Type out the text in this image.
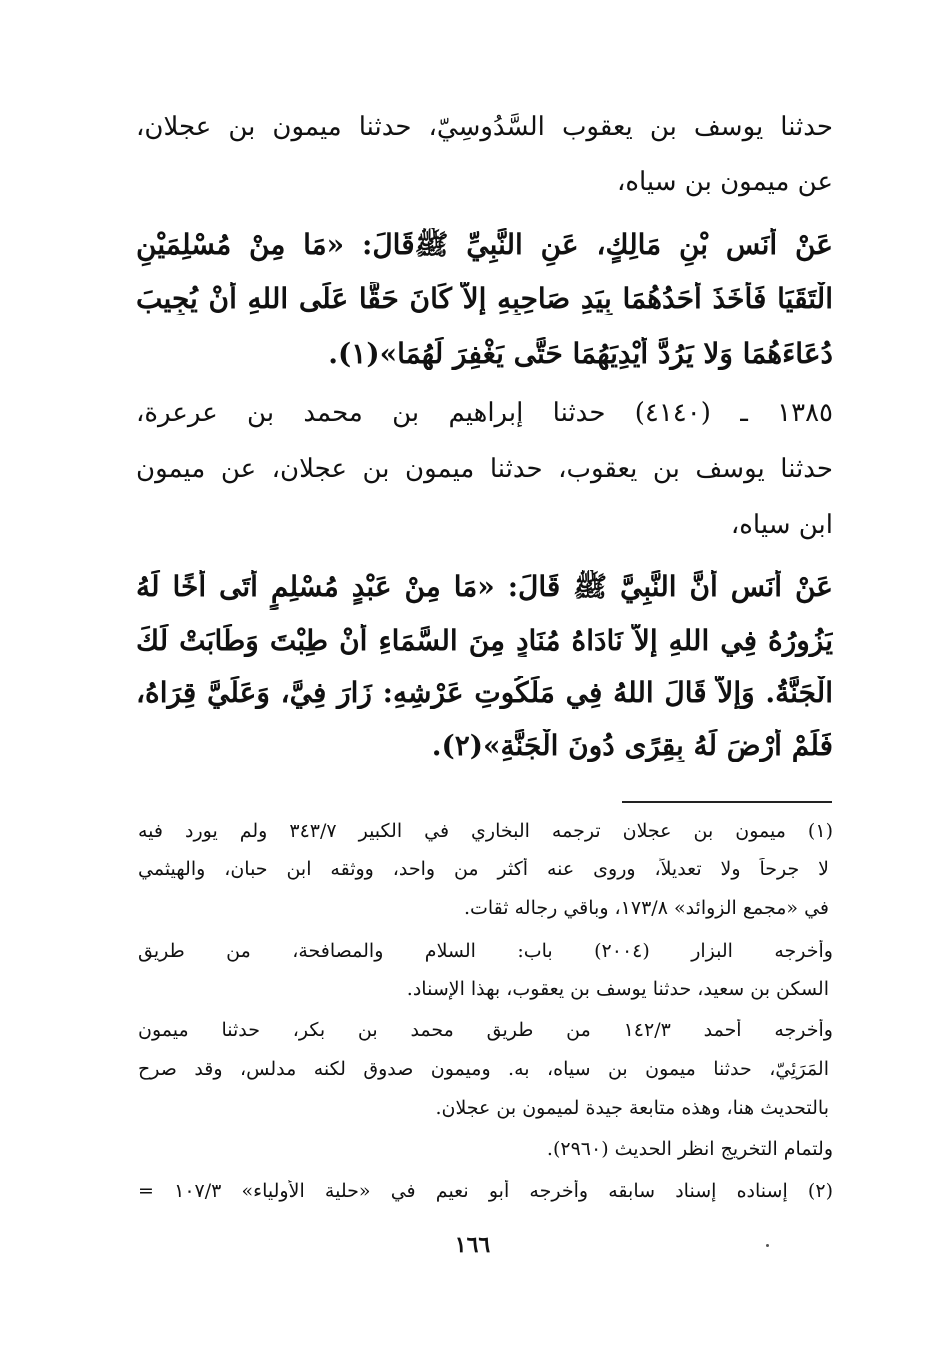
حدثنا يوسف بن يعقوب السَّدُوسِيّ، حدثنا ميمون بن عجلان،
عن ميمون بن سياه،
عَنْ أَنَس بْنِ مَالِكٍ، عَنِ النَّبِيِّ ﷺقَالَ: «مَا مِنْ مُسْلِمَيْنِ
الْتَقَيَا فَأَخَذَ أَحَدُهُمَا بِيَدِ صَاحِبِهِ إِلاَّ كَانَ حَقًّا عَلَى اللهِ أَنْ يُجِيبَ
دُعَاءَهُمَا وَلا يَرُدَّ أَيْدِيَهُمَا حَتَّى يَغْفِرَ لَهُمَا»(١).
١٣٨٥ ـ (٤١٤٠) حدثنا إبراهيم بن محمد بن عرعرة،
حدثنا يوسف بن يعقوب، حدثنا ميمون بن عجلان، عن ميمون
ابن سياه،
عَنْ أَنَس أَنَّ النَّبِيَّ ﷺ قَالَ: «مَا مِنْ عَبْدٍ مُسْلِمٍ أَتَى أَخًا لَهُ
يَزُورُهُ فِي اللهِ إِلاَّ نَادَاهُ مُنَادٍ مِنَ السَّمَاءِ أَنْ طِبْتَ وَطَابَتْ لَكَ
الْجَنَّةُ. وَإِلاَّ قَالَ اللهُ فِي مَلَكُوتِ عَرْشِهِ: زَارَ فِيَّ، وَعَلَيَّ قِرَاهُ،
فَلَمْ أَرْضَ لَهُ بِقِرًى دُونَ الْجَنَّةِ»(٢).
(١) ميمون بن عجلان ترجمه البخاري في الكبير ٣٤٣/٧ ولم يورد فيه
لا جرحاً ولا تعديلاً، وروى عنه أكثر من واحد، ووثقه ابن حبان، والهيثمي
في «مجمع الزوائد» ١٧٣/٨، وباقي رجاله ثقات.
وأخرجه البزار (٢٠٠٤) باب: السلام والمصافحة، من طريق
السكن بن سعيد، حدثنا يوسف بن يعقوب، بهذا الإسناد.
وأخرجه أحمد ١٤٢/٣ من طريق محمد بن بكر، حدثنا ميمون
المَرَئِيّ، حدثنا ميمون بن سياه، به. وميمون صدوق لكنه مدلس، وقد صرح
بالتحديث هنا، وهذه متابعة جيدة لميمون بن عجلان.
ولتمام التخريج انظر الحديث (٢٩٦٠).
(٢) إسناده إسناد سابقه وأخرجه أبو نعيم في «حلية الأولياء» ١٠٧/٣ =
١٦٦
